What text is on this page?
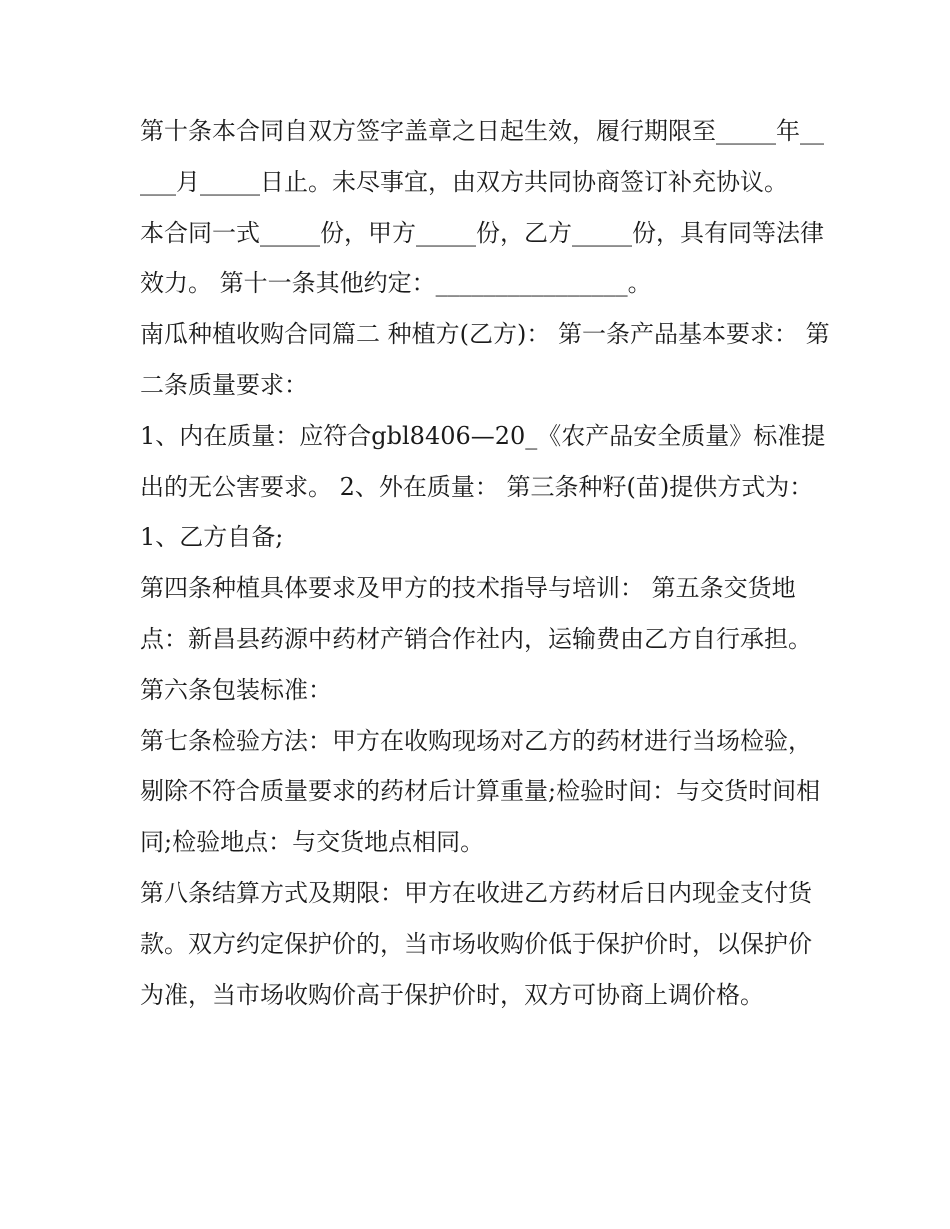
第十条本合同自双方签字盖章之日起生效，履行期限至_____年_____月_____日止。未尽事宜，由双方共同协商签订补充协议。

本合同一式_____份，甲方_____份，乙方_____份，具有同等法律效力。 第十一条其他约定：________________。

南瓜种植收购合同篇二 种植方(乙方)： 第一条产品基本要求： 第二条质量要求：

1、内在质量：应符合gbl8406—20_《农产品安全质量》标准提出的无公害要求。 2、外在质量： 第三条种籽(苗)提供方式为： 1、乙方自备;

第四条种植具体要求及甲方的技术指导与培训： 第五条交货地点：新昌县药源中药材产销合作社内，运输费由乙方自行承担。 第六条包装标准：

第七条检验方法：甲方在收购现场对乙方的药材进行当场检验，剔除不符合质量要求的药材后计算重量;检验时间：与交货时间相同;检验地点：与交货地点相同。

第八条结算方式及期限：甲方在收进乙方药材后日内现金支付货款。双方约定保护价的，当市场收购价低于保护价时，以保护价为准，当市场收购价高于保护价时，双方可协商上调价格。
